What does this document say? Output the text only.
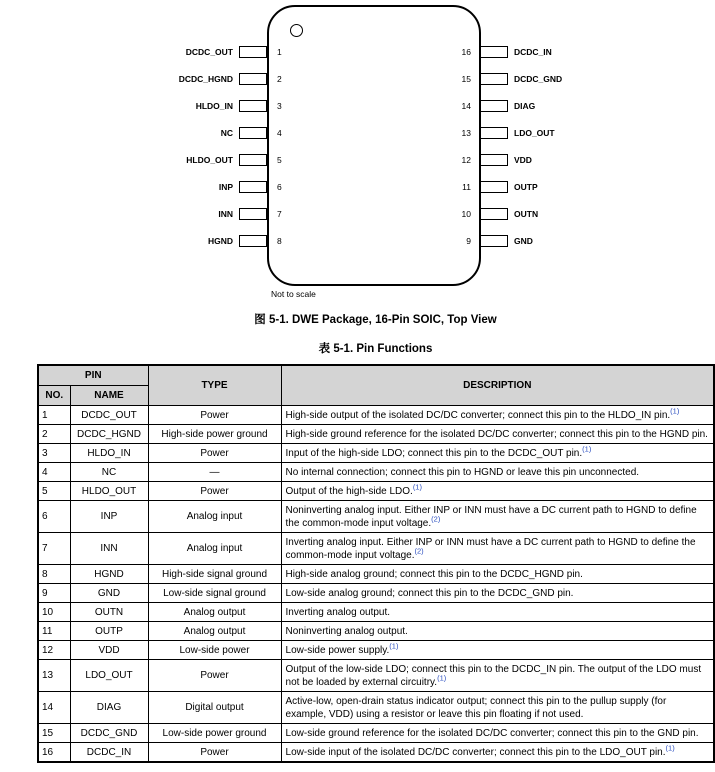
DCDC_OUT	1
DCDC_HGND	2
HLDO_IN	3
NC	4
HLDO_OUT	5
INP	6
INN	7
HGND	8
16	DCDC_IN
15	DCDC_GND
14	DIAG
13	LDO_OUT
12	VDD
11	OUTP
10	OUTN
9	GND
Not to scale
图 5-1. DWE Package, 16-Pin SOIC, Top View
表 5-1. Pin Functions
PIN		TYPE	DESCRIPTION
NO.	NAME		
1	DCDC_OUT	Power	High-side output of the isolated DC/DC converter; connect this pin to the HLDO_IN pin.$^{(1)}$
2	DCDC_HGND	High-side power ground	High-side ground reference for the isolated DC/DC converter; connect this pin to the HGND pin.
3	HLDO_IN	Power	Input of the high-side LDO; connect this pin to the DCDC_OUT pin.$^{(1)}$
4	NC	—	No internal connection; connect this pin to HGND or leave this pin unconnected.
5	HLDO_OUT	Power	Output of the high-side LDO.$^{(1)}$
6	INP	Analog input	Noninverting analog input. Either INP or INN must have a DC current path to HGND to define the common-mode input voltage.$^{(2)}$
7	INN	Analog input	Inverting analog input. Either INP or INN must have a DC current path to HGND to define the common-mode input voltage.$^{(2)}$
8	HGND	High-side signal ground	High-side analog ground; connect this pin to the DCDC_HGND pin.
9	GND	Low-side signal ground	Low-side analog ground; connect this pin to the DCDC_GND pin.
10	OUTN	Analog output	Inverting analog output.
11	OUTP	Analog output	Noninverting analog output.
12	VDD	Low-side power	Low-side power supply.$^{(1)}$
13	LDO_OUT	Power	Output of the low-side LDO; connect this pin to the DCDC_IN pin. The output of the LDO must not be loaded by external circuitry.$^{(1)}$
14	DIAG	Digital output	Active-low, open-drain status indicator output; connect this pin to the pullup supply (for example, VDD) using a resistor or leave this pin floating if not used.
15	DCDC_GND	Low-side power ground	Low-side ground reference for the isolated DC/DC converter; connect this pin to the GND pin.
16	DCDC_IN	Power	Low-side input of the isolated DC/DC converter; connect this pin to the LDO_OUT pin.$^{(1)}$
